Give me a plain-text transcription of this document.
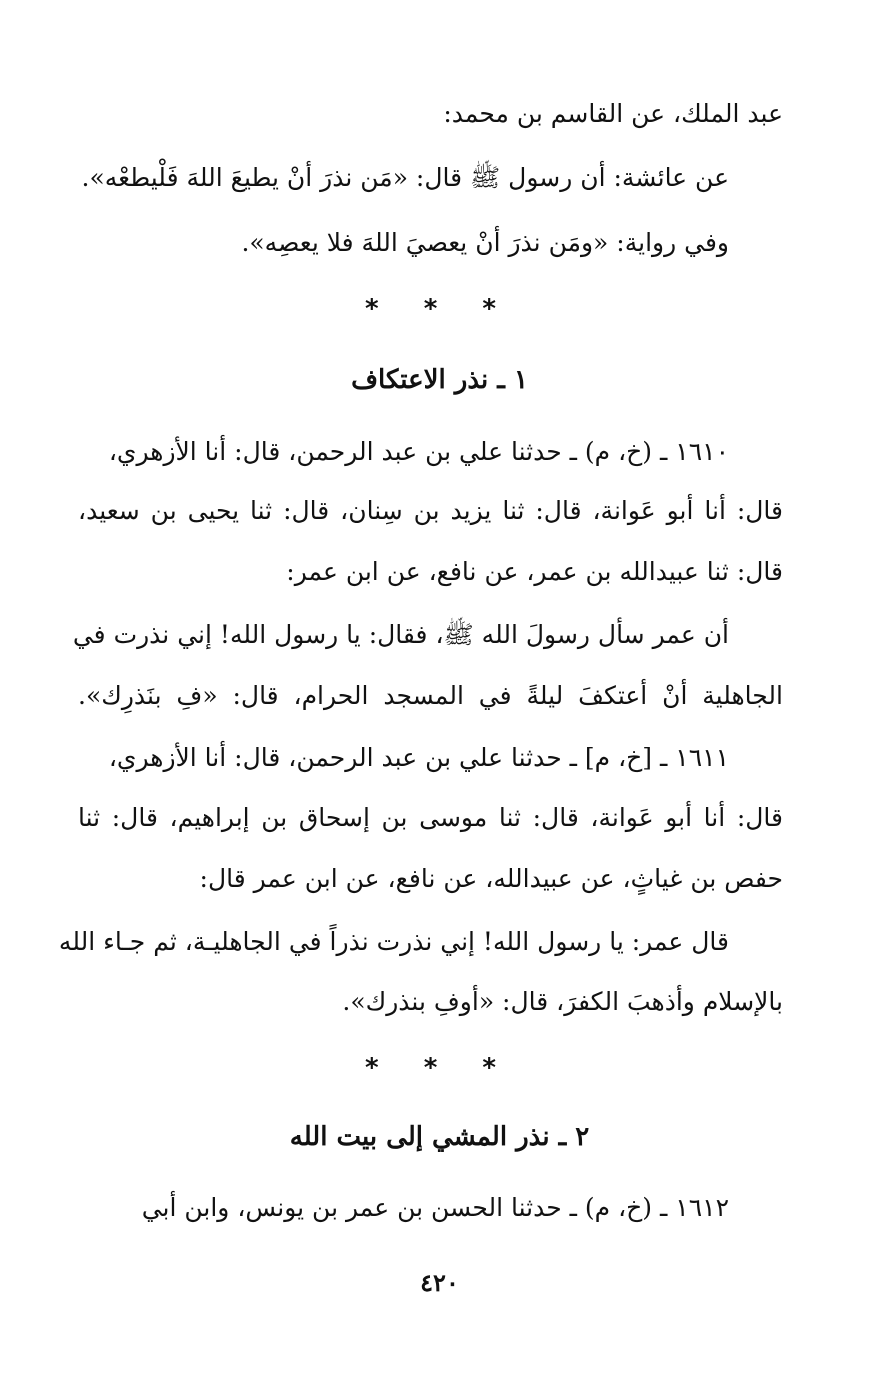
عبد الملك، عن القاسم بن محمد:
عن عائشة: أن رسول ﷺ قال: «مَن نذرَ أنْ يطيعَ اللهَ فَلْيطعْه».
وفي رواية: «ومَن نذرَ أنْ يعصيَ اللهَ فلا يعصِه».
* * *
١ ـ نذر الاعتكاف
١٦١٠ ـ (خ، م) ـ حدثنا علي بن عبد الرحمن، قال: أنا الأزهري،
قال: أنا أبو عَوانة، قال: ثنا يزيد بن سِنان، قال: ثنا يحيى بن سعيد،
قال: ثنا عبيدالله بن عمر، عن نافع، عن ابن عمر:
أن عمر سأل رسولَ الله ﷺ، فقال: يا رسول الله! إني نذرت في
الجاهلية أنْ أعتكفَ ليلةً في المسجد الحرام، قال: «فِ بنَذرِك».
١٦١١ ـ [خ، م] ـ حدثنا علي بن عبد الرحمن، قال: أنا الأزهري،
قال: أنا أبو عَوانة، قال: ثنا موسى بن إسحاق بن إبراهيم، قال: ثنا
حفص بن غياثٍ، عن عبيدالله، عن نافع، عن ابن عمر قال:
قال عمر: يا رسول الله! إني نذرت نذراً في الجاهليـة، ثم جـاء الله
بالإسلام وأذهبَ الكفرَ، قال: «أوفِ بنذرك».
* * *
٢ ـ نذر المشي إلى بيت الله
١٦١٢ ـ (خ، م) ـ حدثنا الحسن بن عمر بن يونس، وابن أبي
٤٢٠
